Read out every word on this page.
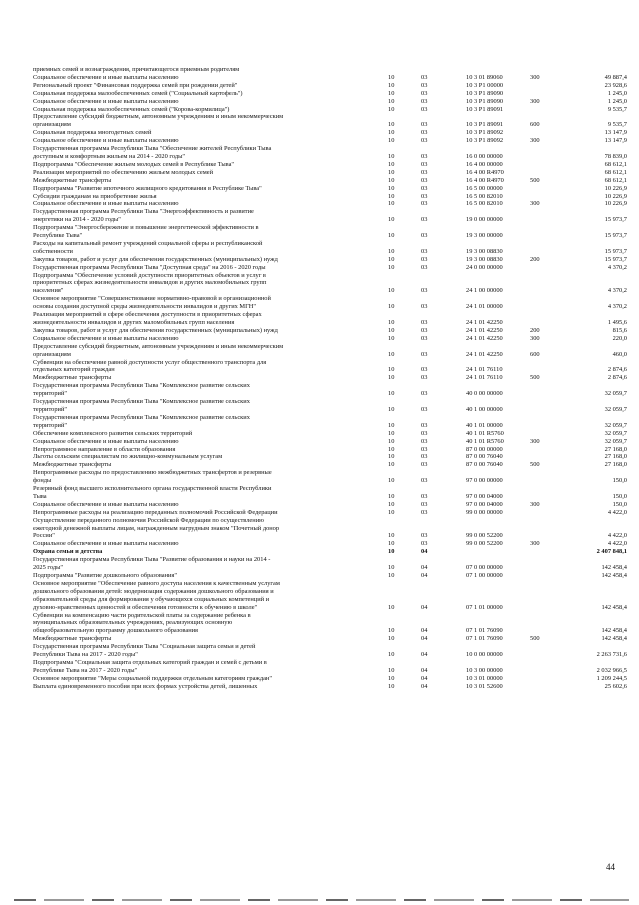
приемных семей и вознаграждения, причитающегося приемным родителям					
Социальное обеспечение и иные выплаты населению	10	03	10 3 01 89060	300	49 887,4
Региональный проект "Финансовая поддержка семей при рождении детей"	10	03	10 3 P1 00000		23 928,6
Социальная поддержка малообеспеченных семей ("Социальный картофель")	10	03	10 3 P1 89090		1 245,0
Социальное обеспечение и иные выплаты населению	10	03	10 3 P1 89090	300	1 245,0
Социальная поддержка малообеспеченных семей ("Корова-кормилица")	10	03	10 3 P1 89091		9 535,7
Предоставление субсидий бюджетным, автономным учреждениям и иным некоммерческим					
организациям	10	03	10 3 P1 89091	600	9 535,7
Социальная поддержка многодетных семей	10	03	10 3 P1 89092		13 147,9
Социальное обеспечение и иные выплаты населению	10	03	10 3 P1 89092	300	13 147,9
Государственная программа Республики Тыва "Обеспечение жителей Республики Тыва					
доступным и комфортным жильем на 2014 - 2020 годы"	10	03	16 0 00 00000		78 839,0
Подпрограмма "Обеспечение жильем молодых семей в Республике Тыва"	10	03	16 4 00 00000		68 612,1
Реализация мероприятий по обеспечению жильем молодых семей	10	03	16 4 00 R4970		68 612,1
Межбюджетные трансферты	10	03	16 4 00 R4970	500	68 612,1
Подпрограмма "Развитие ипотечного жилищного кредитования в Республике Тыва"	10	03	16 5 00 00000		10 226,9
Субсидии гражданам на приобретение жилья	10	03	16 5 00 82010		10 226,9
Социальное обеспечение и иные выплаты населению	10	03	16 5 00 82010	300	10 226,9
Государственная программа Республики Тыва "Энергоэффективность и развитие					
энергетики на 2014 - 2020 годы"	10	03	19 0 00 00000		15 973,7
Подпрограмма "Энергосбережение и повышение энергетической эффективности в					
Республике Тыва"	10	03	19 3 00 00000		15 973,7
Расходы на капитальный ремонт учреждений социальной сферы и республиканской					
собственности	10	03	19 3 00 08830		15 973,7
Закупка товаров, работ и услуг для обеспечения государственных (муниципальных) нужд	10	03	19 3 00 08830	200	15 973,7
Государственная программа Республики Тыва "Доступная среда" на 2016 - 2020 годы	10	03	24 0 00 00000		4 370,2
Подпрограмма "Обеспечение условий доступности приоритетных объектов и услуг в					
приоритетных сферах жизнедеятельности инвалидов и других маломобильных групп					
населения"	10	03	24 1 00 00000		4 370,2
Основное мероприятие "Совершенствование нормативно-правовой и организационной					
основы создания доступной среды жизнедеятельности инвалидов и других МГН"	10	03	24 1 01 00000		4 370,2
Реализация мероприятий в сфере обеспечения доступности в приоритетных сферах					
жизнедеятельности инвалидов и других маломобильных групп населения	10	03	24 1 01 42250		1 495,6
Закупка товаров, работ и услуг для обеспечения государственных (муниципальных) нужд	10	03	24 1 01 42250	200	815,6
Социальное обеспечение и иные выплаты населению	10	03	24 1 01 42250	300	220,0
Предоставление субсидий бюджетным, автономным учреждениям и иным некоммерческим					
организациям	10	03	24 1 01 42250	600	460,0
Субвенции на обеспечение равной доступности услуг общественного транспорта для					
отдельных категорий граждан	10	03	24 1 01 76110		2 874,6
Межбюджетные трансферты	10	03	24 1 01 76110	500	2 874,6
Государственная программа Республики Тыва "Комплексное развитие сельских					
территорий"	10	03	40 0 00 00000		32 059,7
Государственная программа Республики Тыва "Комплексное развитие сельских					
территорий"	10	03	40 1 00 00000		32 059,7
Государственная программа Республики Тыва "Комплексное развитие сельских					
территорий"	10	03	40 1 01 00000		32 059,7
Обеспечение комплексного развития сельских территорий	10	03	40 1 01 R5760		32 059,7
Социальное обеспечение и иные выплаты населению	10	03	40 1 01 R5760	300	32 059,7
Непрограммное направление в области образования	10	03	87 0 00 00000		27 168,0
Льготы сельским специалистам по жилищно-коммунальным услугам	10	03	87 0 00 76040		27 168,0
Межбюджетные трансферты	10	03	87 0 00 76040	500	27 168,0
Непрограммные расходы по предоставлению межбюджетных трансфертов и резервные					
фонды	10	03	97 0 00 00000		150,0
Резервный фонд высшего исполнительного органа государственной власти Республики					
Тыва	10	03	97 0 00 04000		150,0
Социальное обеспечение и иные выплаты населению	10	03	97 0 00 04000	300	150,0
Непрограммные расходы на реализацию переданных полномочий Российской Федерации	10	03	99 0 00 00000		4 422,0
Осуществление переданного полномочия Российской Федерации по осуществлению					
ежегодной денежной выплаты лицам, награжденным нагрудным знаком "Почетный донор					
России"	10	03	99 0 00 52200		4 422,0
Социальное обеспечение и иные выплаты населению	10	03	99 0 00 52200	300	4 422,0
Охрана семьи и детства	10	04			2 407 848,1
Государственная программа Республики Тыва "Развитие образования и науки на 2014 -					
2025 годы"	10	04	07 0 00 00000		142 458,4
Подпрограмма "Развитие дошкольного образования"	10	04	07 1 00 00000		142 458,4
Основное мероприятие "Обеспечение равного доступа населения к качественным услугам					
дошкольного образования детей: модернизация содержания дошкольного образования и					
образовательной среды для формирования у обучающихся социальных компетенций и					
духовно-нравственных ценностей и обеспечения готовности к обучению в школе"	10	04	07 1 01 00000		142 458,4
Субвенции на компенсацию части родительской платы за содержание ребенка в					
муниципальных образовательных учреждениях, реализующих основную					
общеобразовательную программу дошкольного образования	10	04	07 1 01 76090		142 458,4
Межбюджетные трансферты	10	04	07 1 01 76090	500	142 458,4
Государственная программа Республики Тыва "Социальная защита семьи и детей					
Республики Тыва на 2017 - 2020 годы"	10	04	10 0 00 00000		2 263 731,6
Подпрограмма "Социальная защита отдельных категорий граждан и семей с детьми в					
Республике Тыва на 2017 - 2020 годы"	10	04	10 3 00 00000		2 032 966,5
Основное мероприятие "Меры социальной поддержки отдельным категориям граждан"	10	04	10 3 01 00000		1 209 244,5
Выплата единовременного пособия при всех формах устройства детей, лишенных	10	04	10 3 01 52600		25 602,6
44
